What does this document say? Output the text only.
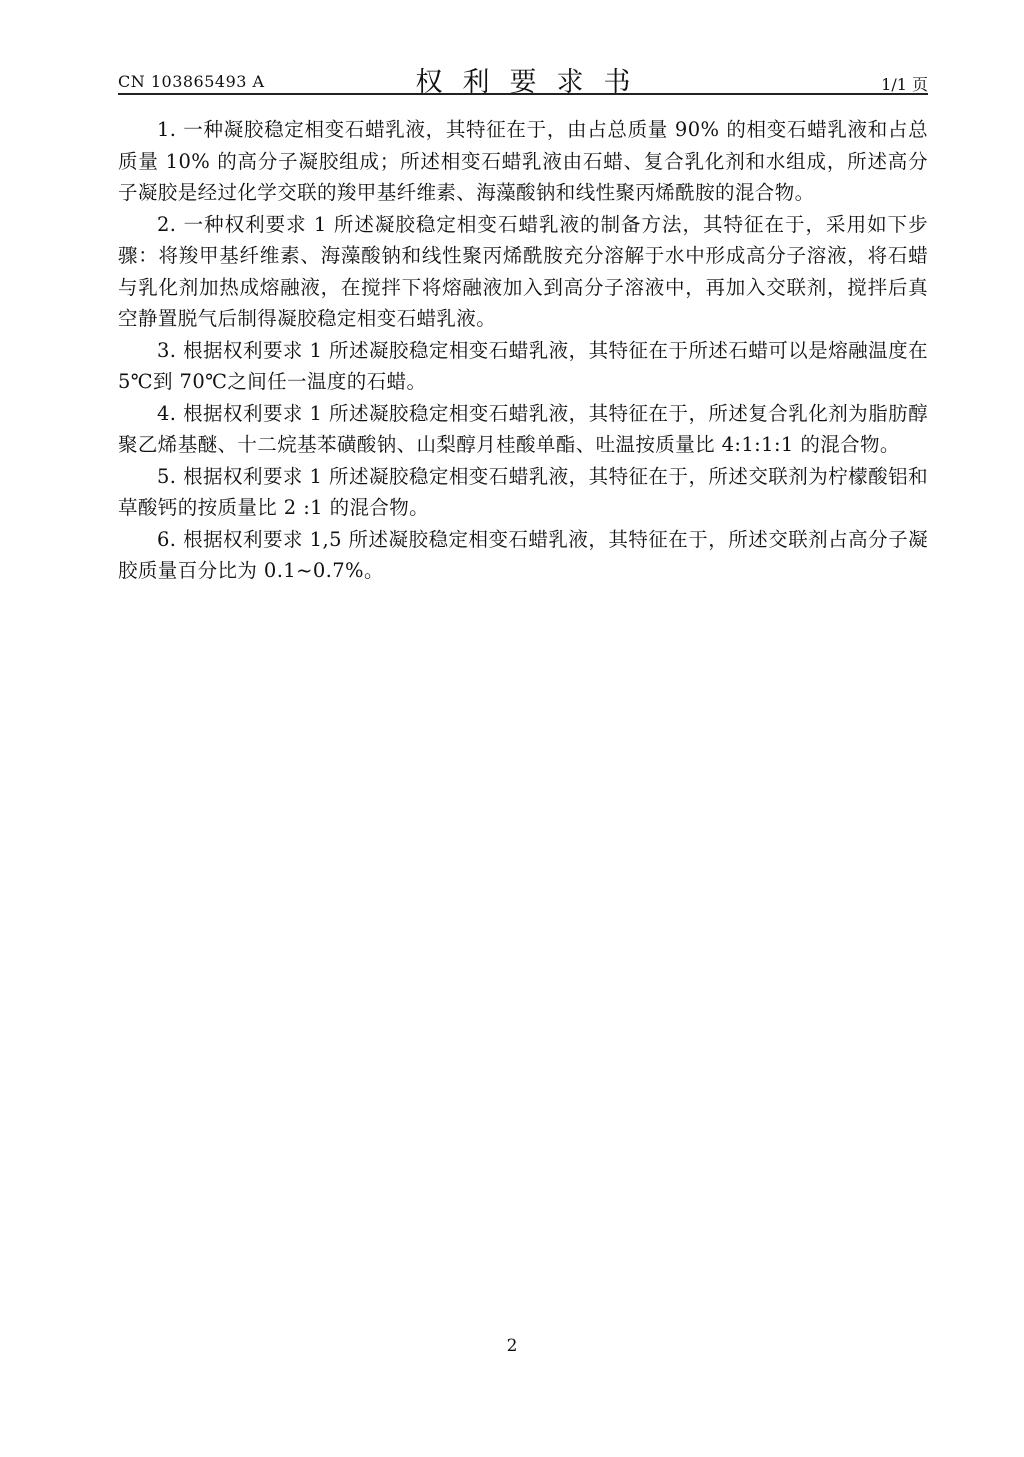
CN 103865493 A	权利要求书	1/1 页

1. 一种凝胶稳定相变石蜡乳液，其特征在于，由占总质量 90% 的相变石蜡乳液和占总质量 10% 的高分子凝胶组成；所述相变石蜡乳液由石蜡、复合乳化剂和水组成，所述高分子凝胶是经过化学交联的羧甲基纤维素、海藻酸钠和线性聚丙烯酰胺的混合物。

2. 一种权利要求 1 所述凝胶稳定相变石蜡乳液的制备方法，其特征在于，采用如下步骤：将羧甲基纤维素、海藻酸钠和线性聚丙烯酰胺充分溶解于水中形成高分子溶液，将石蜡与乳化剂加热成熔融液，在搅拌下将熔融液加入到高分子溶液中，再加入交联剂，搅拌后真空静置脱气后制得凝胶稳定相变石蜡乳液。

3. 根据权利要求 1 所述凝胶稳定相变石蜡乳液，其特征在于所述石蜡可以是熔融温度在 5℃到 70℃之间任一温度的石蜡。

4. 根据权利要求 1 所述凝胶稳定相变石蜡乳液，其特征在于，所述复合乳化剂为脂肪醇聚乙烯基醚、十二烷基苯磺酸钠、山梨醇月桂酸单酯、吐温按质量比 4:1:1:1 的混合物。

5. 根据权利要求 1 所述凝胶稳定相变石蜡乳液，其特征在于，所述交联剂为柠檬酸铝和草酸钙的按质量比 2 :1 的混合物。

6. 根据权利要求 1,5 所述凝胶稳定相变石蜡乳液，其特征在于，所述交联剂占高分子凝胶质量百分比为 0.1~0.7%。

2
